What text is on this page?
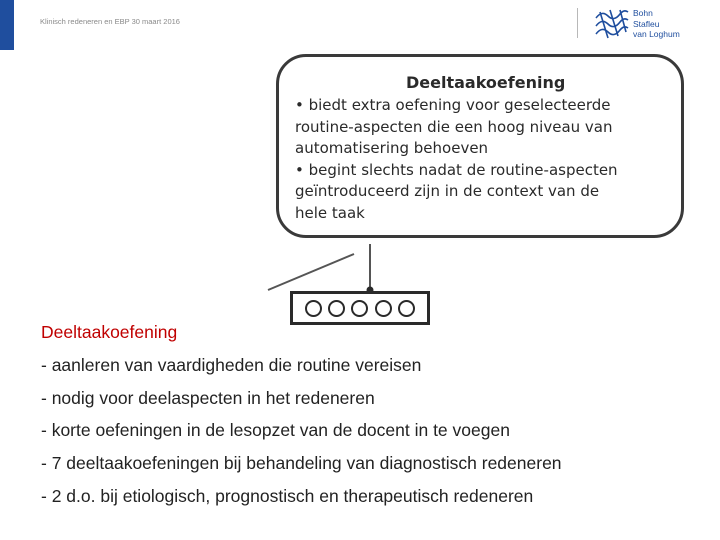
Klinisch redeneren en EBP 30 maart 2016
Bohn
Stafleu
van Loghum
Deeltaakoefening
• biedt extra oefening voor geselecteerde
routine-aspecten die een hoog niveau van
automatisering behoeven
• begint slechts nadat de routine-aspecten
geïntroduceerd zijn in de context van de
hele taak
Deeltaakoefening
- aanleren van vaardigheden die routine vereisen
- nodig voor deelaspecten in het redeneren
- korte oefeningen in de lesopzet van de docent in te voegen
- 7 deeltaakoefeningen bij behandeling van diagnostisch redeneren
- 2 d.o. bij etiologisch, prognostisch en therapeutisch redeneren
